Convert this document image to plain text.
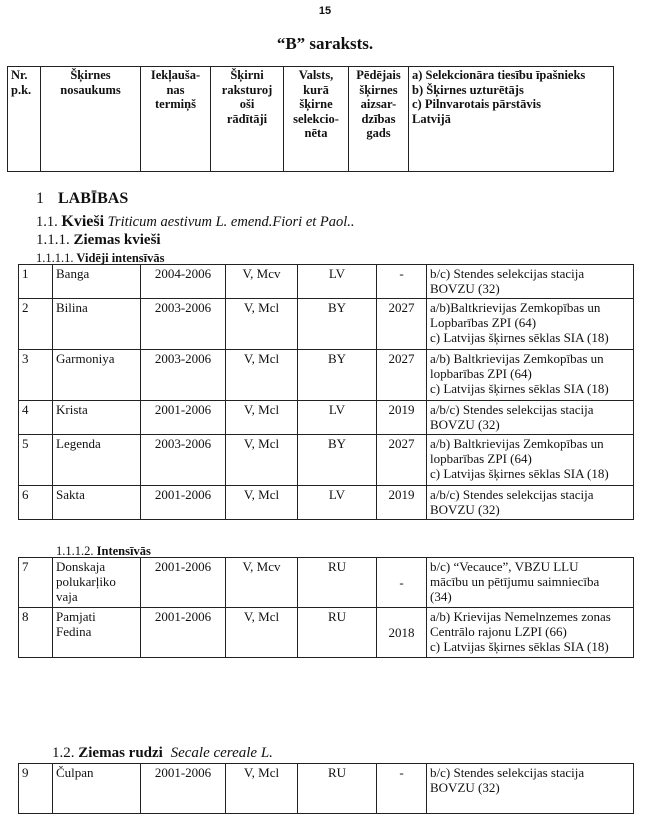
15
“B” saraksts.
Nr.
p.k.

Šķirnes
nosaukums

Iekļauša-
nas
termiņš

Šķirni
raksturoj
oši
rādītāji

Valsts,
kurā
šķirne
selekcio-
nēta

Pēdējais
šķirnes
aizsar-
dzības
gads

a) Selekcionāra tiesību īpašnieks
b) Šķirnes uzturētājs
c) Pilnvarotais pārstāvis
Latvijā
1 LABĪBAS
1.1. Kvieši Triticum aestivum L. emend.Fiori et Paol..
1.1.1. Ziemas kvieši
1.1.1.1. Vidēji intensīvās
1	Banga	2004-2006	V, Mcv	LV	-	b/c) Stendes selekcijas stacija
BOVZU (32)

2	Bilina	2003-2006	V, Mcl	BY	2027	a/b)Baltkrievijas Zemkopības un
Lopbarības ZPI (64)
c) Latvijas šķirnes sēklas SIA (18)

3	Garmoniya	2003-2006	V, Mcl	BY	2027	a/b) Baltkrievijas Zemkopības un
lopbarības ZPI (64)
c) Latvijas šķirnes sēklas SIA (18)

4	Krista	2001-2006	V, Mcl	LV	2019	a/b/c) Stendes selekcijas stacija
BOVZU (32)

5	Legenda	2003-2006	V, Mcl	BY	2027	a/b) Baltkrievijas Zemkopības un
lopbarības ZPI (64)
c) Latvijas šķirnes sēklas SIA (18)

6	Sakta	2001-2006	V, Mcl	LV	2019	a/b/c) Stendes selekcijas stacija
BOVZU (32)
1.1.1.2. Intensīvās
7	Donskaja
polukarļiko
vaja	2001-2006	V, Mcv	RU	-	b/c) “Vecauce”, VBZU LLU
mācību un pētījumu saimniecība
(34)

8	Pamjati
Fedina	2001-2006	V, Mcl	RU	2018	a/b) Krievijas Nemelnzemes zonas
Centrālo rajonu LZPI (66)
c) Latvijas šķirnes sēklas SIA (18)
1.2. Ziemas rudzi Secale cereale L.
9	Čulpan	2001-2006	V, Mcl	RU	-	b/c) Stendes selekcijas stacija
BOVZU (32)
